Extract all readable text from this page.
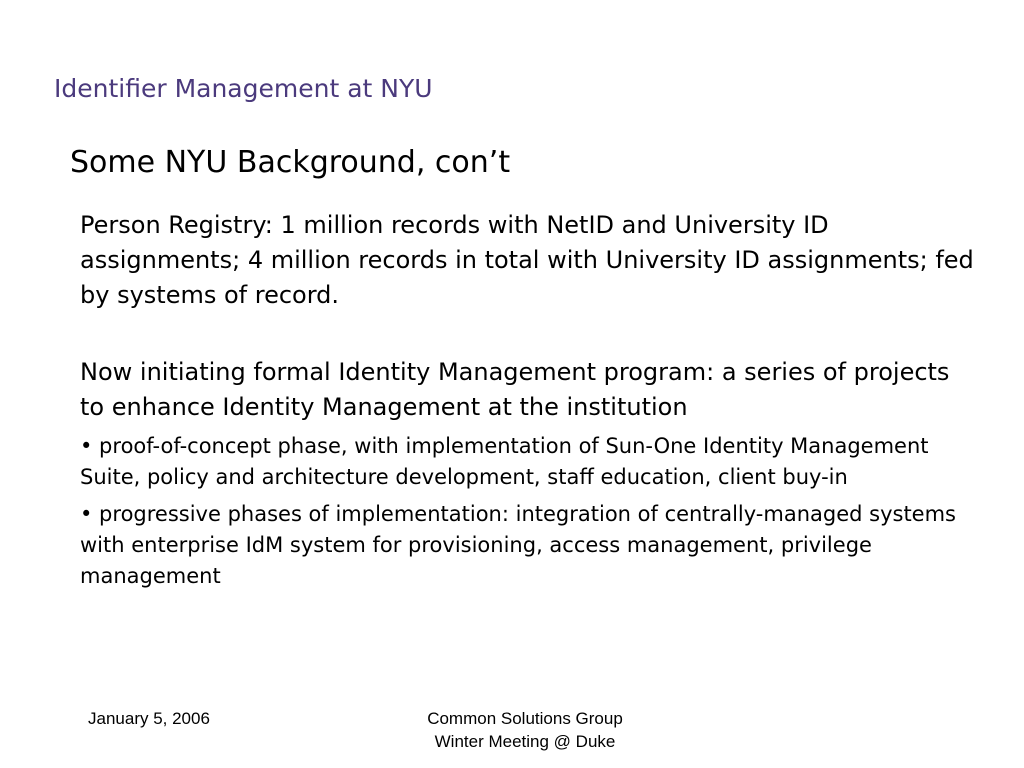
Identifier Management at NYU
Some NYU Background, con’t

Person Registry: 1 million records with NetID and University ID assignments; 4 million records in total with University ID assignments; fed by systems of record.

Now initiating formal Identity Management program: a series of projects to enhance Identity Management at the institution

• proof-of-concept phase, with implementation of Sun-One Identity Management Suite, policy and architecture development, staff education, client buy-in

• progressive phases of implementation: integration of centrally-managed systems with enterprise IdM system for provisioning, access management, privilege management

January 5, 2006	Common Solutions Group
Winter Meeting @ Duke
